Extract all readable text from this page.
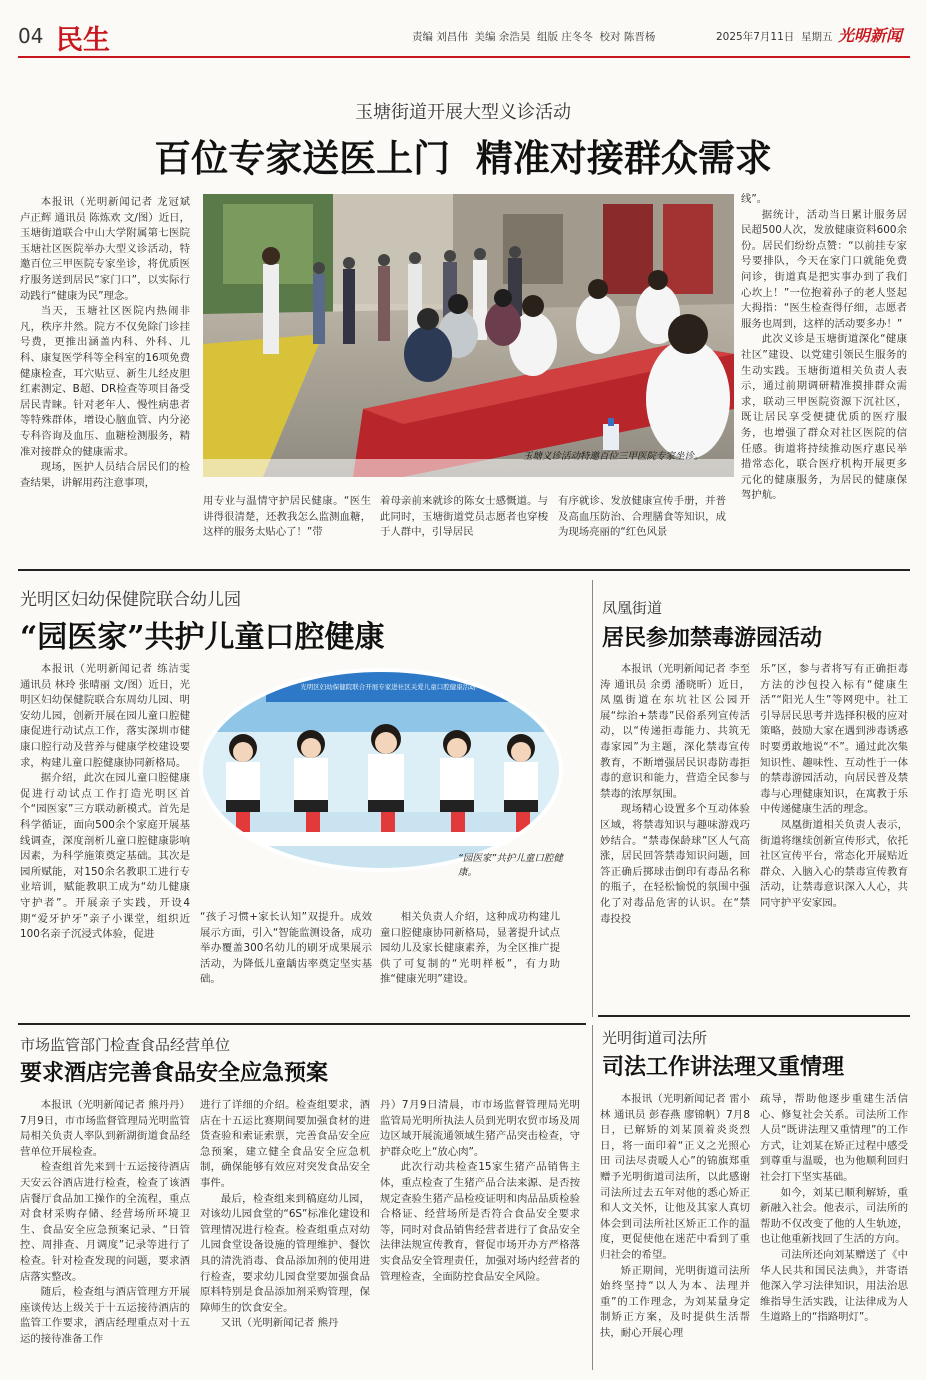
04 民生	责编 刘昌伟  美编 余浩昊  组版 庄冬冬  校对 陈晋杨	2025年7月11日  星期五 光明新闻
玉塘街道开展大型义诊活动
百位专家送医上门  精准对接群众需求

本报讯（光明新闻记者 龙冠斌 卢正辉 通讯员 陈炼欢 文/图）近日，玉塘街道联合中山大学附属第七医院玉塘社区医院举办大型义诊活动，特邀百位三甲医院专家坐诊，将优质医疗服务送到居民“家门口”，以实际行动践行“健康为民”理念。

当天，玉塘社区医院内热闹非凡，秩序井然。院方不仅免除门诊挂号费，更推出涵盖内科、外科、儿科、康复医学科等全科室的16项免费健康检查，耳穴贴豆、新生儿经皮胆红素测定、B超、DR检查等项目备受居民青睐。针对老年人、慢性病患者等特殊群体，增设心脑血管、内分泌专科咨询及血压、血糖检测服务，精准对接群众的健康需求。

现场，医护人员结合居民们的检查结果，讲解用药注意事项，

玉塘义诊活动特邀百位三甲医院专家坐诊。
用专业与温情守护居民健康。“医生讲得很清楚，还教我怎么监测血糖，这样的服务太贴心了！”带
着母亲前来就诊的陈女士感慨道。与此同时，玉塘街道党员志愿者也穿梭于人群中，引导居民
有序就诊、发放健康宣传手册，并普及高血压防治、合理膳食等知识，成为现场亮丽的“红色风景

线”。

据统计，活动当日累计服务居民超500人次，发放健康资料600余份。居民们纷纷点赞：“以前挂专家号要排队，今天在家门口就能免费问诊，街道真是把实事办到了我们心坎上！”一位抱着孙子的老人竖起大拇指：“医生检查得仔细，志愿者服务也周到，这样的活动要多办！”

此次义诊是玉塘街道深化“健康社区”建设、以党建引领民生服务的生动实践。玉塘街道相关负责人表示，通过前期调研精准摸排群众需求，联动三甲医院资源下沉社区，既让居民享受便捷优质的医疗服务，也增强了群众对社区医院的信任感。街道将持续推动医疗惠民举措常态化，联合医疗机构开展更多元化的健康服务，为居民的健康保驾护航。

光明区妇幼保健院联合幼儿园
“园医家”共护儿童口腔健康

本报讯（光明新闻记者 练洁雯 通讯员 林玲 张晴丽 文/图）近日，光明区妇幼保健院联合东周幼儿园、明安幼儿园，创新开展在园儿童口腔健康促进行动试点工作，落实深圳市健康口腔行动及营养与健康学校建设要求，构建儿童口腔健康协同新格局。

据介绍，此次在园儿童口腔健康促进行动试点工作打造光明区首个“园医家”三方联动新模式。首先是科学循证，面向500余个家庭开展基线调查，深度剖析儿童口腔健康影响因素，为科学施策奠定基础。其次是园所赋能，对150余名教职工进行专业培训，赋能教职工成为“幼儿健康守护者”。开展亲子实践，开设4期“爱牙护牙”亲子小课堂，组织近100名亲子沉浸式体验，促进

光明区妇幼保健院联合开展专家进社区关爱儿童口腔健康活动
“园医家”共护儿童口腔健康。
“孩子习惯+家长认知”双提升。成效展示方面，引入“智能监测设备，成功举办覆盖300名幼儿的刷牙成果展示活动，为降低儿童龋齿率奠定坚实基础。
相关负责人介绍，这种成功构建儿童口腔健康协同新格局，显著提升试点园幼儿及家长健康素养，为全区推广提供了可复制的“光明样板”，有力助推“健康光明”建设。
凤凰街道
居民参加禁毒游园活动

本报讯（光明新闻记者 李至涛 通讯员 余勇 潘晓昕）近日，凤凰街道在东坑社区公园开展“综治+禁毒”民俗系列宣传活动，以“传递拒毒能力、共筑无毒家园”为主题，深化禁毒宣传教育，不断增强居民识毒防毒拒毒的意识和能力，营造全民参与禁毒的浓厚氛围。

现场精心设置多个互动体验区域，将禁毒知识与趣味游戏巧妙结合。“禁毒保龄球”区人气高涨，居民回答禁毒知识问题，回答正确后掷球击倒印有毒品名称的瓶子，在轻松愉悦的氛围中强化了对毒品危害的认识。在“禁毒投投

乐”区，参与者将写有正确拒毒方法的沙包投入标有“健康生活”“阳光人生”等网兜中。社工引导居民思考并选择积极的应对策略，鼓励大家在遇到涉毒诱惑时要勇敢地说“不”。通过此次集知识性、趣味性、互动性于一体的禁毒游园活动，向居民普及禁毒与心理健康知识，在寓教于乐中传递健康生活的理念。

凤凰街道相关负责人表示，街道将继续创新宣传形式，依托社区宣传平台，常态化开展贴近群众、入脑入心的禁毒宣传教育活动，让禁毒意识深入人心，共同守护平安家园。

市场监管部门检查食品经营单位
要求酒店完善食品安全应急预案

本报讯（光明新闻记者 熊丹丹）7月9日，市市场监督管理局光明监管局相关负责人率队到新湖街道食品经营单位开展检查。

检查组首先来到十五运接待酒店天安云谷酒店进行检查，检查了该酒店餐厅食品加工操作的全流程，重点对食材采购存储、经营场所环境卫生、食品安全应急预案记录、“日管控、周排查、月调度”记录等进行了检查。针对检查发现的问题，要求酒店落实整改。

随后，检查组与酒店管理方开展座谈传达上级关于十五运接待酒店的监管工作要求，酒店经理重点对十五运的接待准备工作

进行了详细的介绍。检查组要求，酒店在十五运比赛期间要加强食材的进货查验和索证索票，完善食品安全应急预案，建立健全食品安全应急机制，确保能够有效应对突发食品安全事件。

最后，检查组来到稿庭幼儿园，对该幼儿园食堂的“6S”标准化建设和管理情况进行检查。检查组重点对幼儿园食堂设备设施的管理维护、餐饮具的清洗消毒、食品添加剂的使用进行检查，要求幼儿园食堂要加强食品原料特别是食品添加剂采购管理，保障师生的饮食安全。

又讯（光明新闻记者 熊丹

丹）7月9日清晨，市市场监督管理局光明监管局光明所执法人员到光明农贸市场及周边区域开展流通领域生猪产品突击检查，守护群众吃上“放心肉”。

此次行动共检查15家生猪产品销售主体，重点检查了生猪产品合法来源、是否按规定查验生猪产品检疫证明和肉品品质检验合格证、经营场所是否符合食品安全要求等，同时对食品销售经营者进行了食品安全法律法规宣传教育，督促市场开办方严格落实食品安全管理责任，加强对场内经营者的管理检查，全面防控食品安全风险。

光明街道司法所
司法工作讲法理又重情理

本报讯（光明新闻记者 雷小林 通讯员 彭春燕 廖锦帆）7月8日，已解矫的刘某顶着炎炎烈日，将一面印着“正义之光照心田 司法尽责暖人心”的锦旗郑重赠予光明街道司法所，以此感谢司法所过去五年对他的悉心矫正和人文关怀，让他及其家人真切体会到司法所社区矫正工作的温度，更促使他在迷茫中看到了重归社会的希望。

矫正期间，光明街道司法所始终坚持“以人为本、法理并重”的工作理念，为刘某量身定制矫正方案，及时提供生活帮扶，耐心开展心理

疏导，帮助他逐步重建生活信心、修复社会关系。司法所工作人员“既讲法理又重情理”的工作方式，让刘某在矫正过程中感受到尊重与温暖，也为他顺利回归社会打下坚实基础。

如今，刘某已顺利解矫，重新融入社会。他表示，司法所的帮助不仅改变了他的人生轨迹，也让他重新找回了生活的方向。

司法所还向刘某赠送了《中华人民共和国民法典》，并寄语他深入学习法律知识，用法治思维指导生活实践，让法律成为人生道路上的“指路明灯”。
